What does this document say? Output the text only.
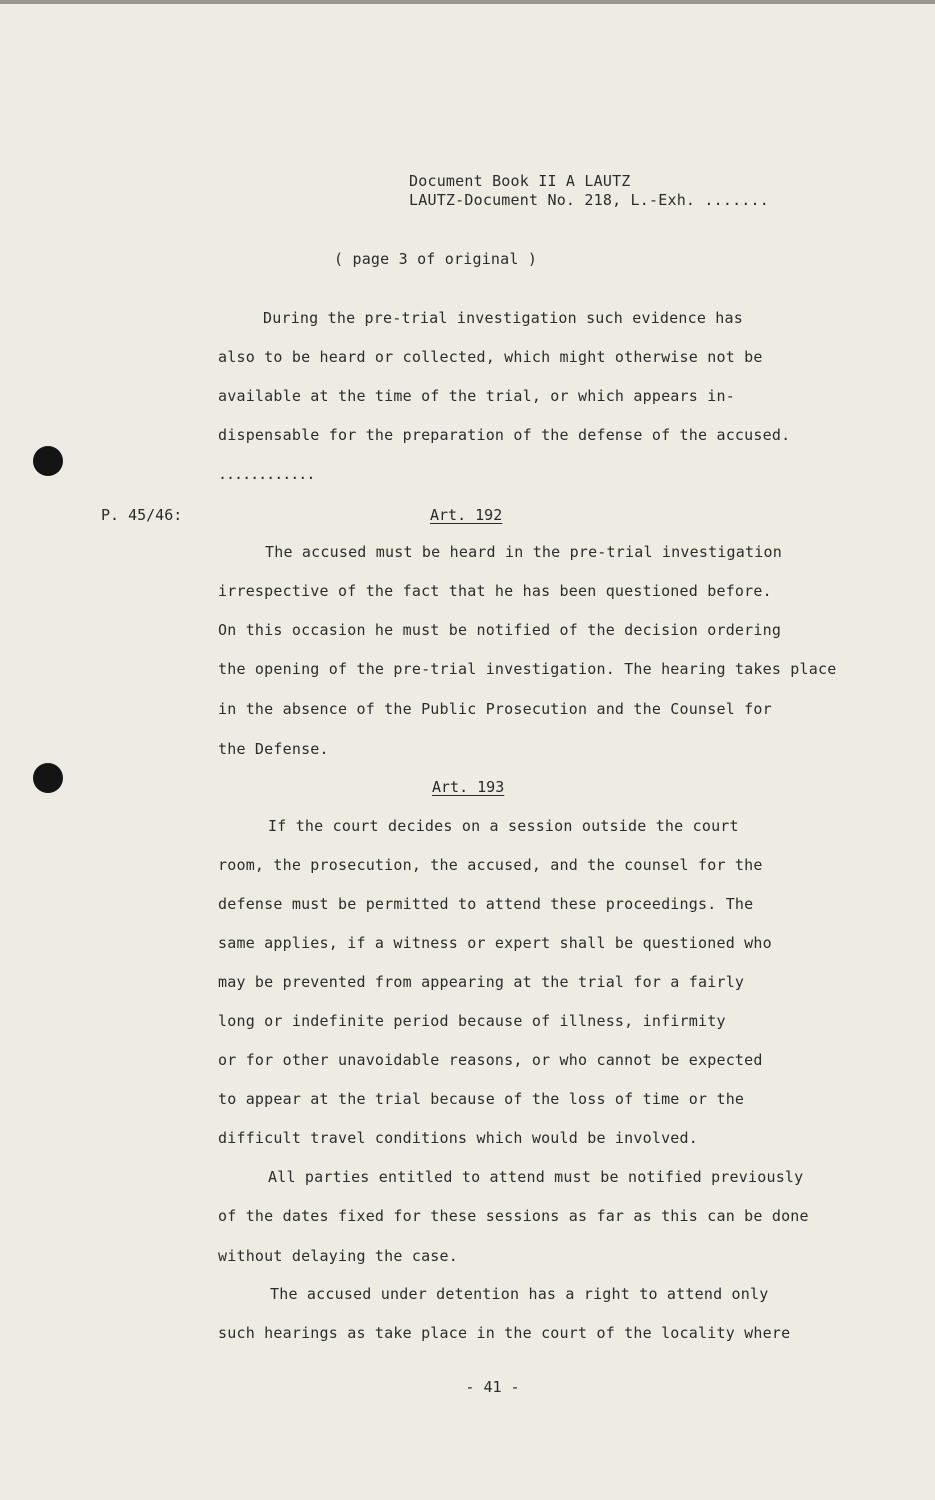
Document Book II A LAUTZ
LAUTZ-Document No. 218, L.-Exh. .......
( page 3 of original )
During the pre-trial investigation such evidence has
also to be heard or collected, which might otherwise not be
available at the time of the trial, or which appears in-
dispensable for the preparation of the defense of the accused.
............
P. 45/46:	Art. 192
The accused must be heard in the pre-trial investigation
irrespective of the fact that he has been questioned before.
On this occasion he must be notified of the decision ordering
the opening of the pre-trial investigation. The hearing takes place
in the absence of the Public Prosecution and the Counsel for
the Defense.
Art. 193
If the court decides on a session outside the court
room, the prosecution, the accused, and the counsel for the
defense must be permitted to attend these proceedings. The
same applies, if a witness or expert shall be questioned who
may be prevented from appearing at the trial for a fairly
long or indefinite period because of illness, infirmity
or for other unavoidable reasons, or who cannot be expected
to appear at the trial because of the loss of time or the
difficult travel conditions which would be involved.
All parties entitled to attend must be notified previously
of the dates fixed for these sessions as far as this can be done
without delaying the case.
The accused under detention has a right to attend only
such hearings as take place in the court of the locality where
- 41 -
